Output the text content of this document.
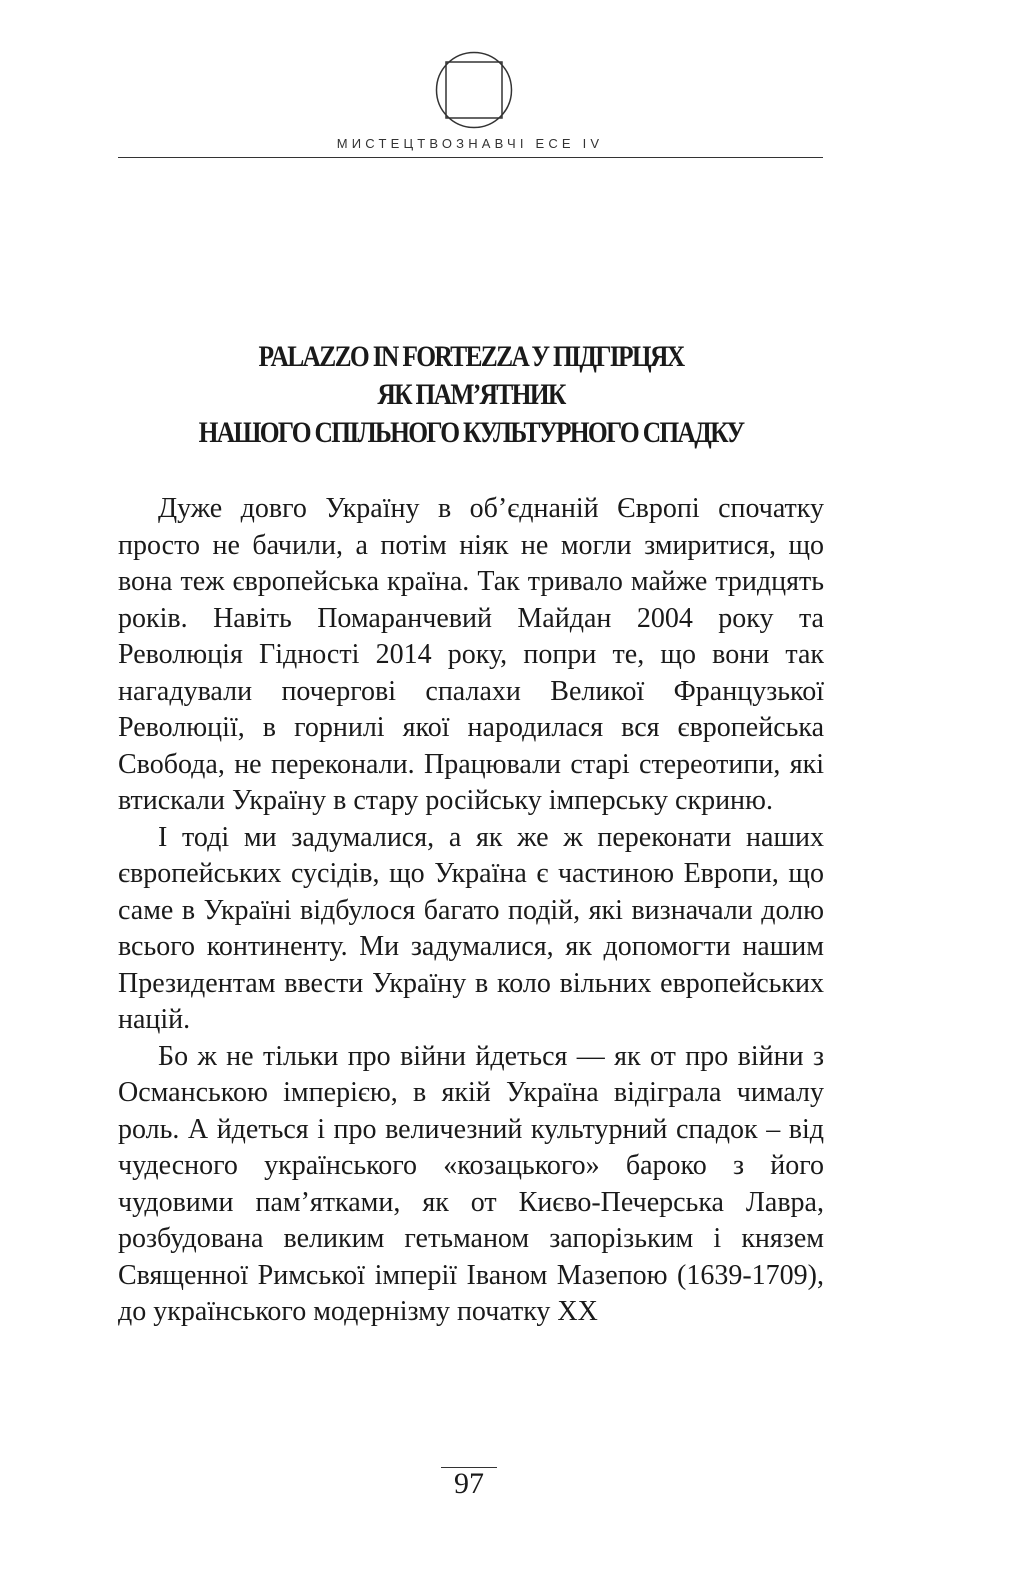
МИСТЕЦТВОЗНАВЧІ ЕСЕ IV
PALAZZO IN FORTEZZA У ПІДГІРЦЯХ
ЯК ПАМ’ЯТНИК
НАШОГО СПІЛЬНОГО КУЛЬТУРНОГО СПАДКУ

Дуже довго Україну в об’єднаній Європі спочатку просто не бачили, а потім ніяк не могли змиритися, що вона теж європейська країна. Так тривало майже тридцять років. Навіть Помаранчевий Майдан 2004 року та Революція Гідності 2014 року, попри те, що вони так нагадували почергові спалахи Великої Французької Революції, в горнилі якої народилася вся європейська Свобода, не переконали. Працювали старі стереотипи, які втискали Україну в стару російську імперську скриню.

І тоді ми задумалися, а як же ж переконати наших європейських сусідів, що Україна є частиною Европи, що саме в Україні відбулося багато подій, які визначали долю всього континенту. Ми задумалися, як допомогти нашим Президентам ввести Україну в коло вільних европейських націй.

Бо ж не тільки про війни йдеться — як от про війни з Османською імперією, в якій Україна відіграла чималу роль. А йдеться і про величезний культурний спадок – від чудесного українського «козацького» бароко з його чудовими пам’ятками, як от Києво-Печерська Лавра, розбудована великим гетьманом запорізьким і князем Священної Римської імперії Іваном Мазепою (1639-1709), до українського модернізму початку ХХ

97
